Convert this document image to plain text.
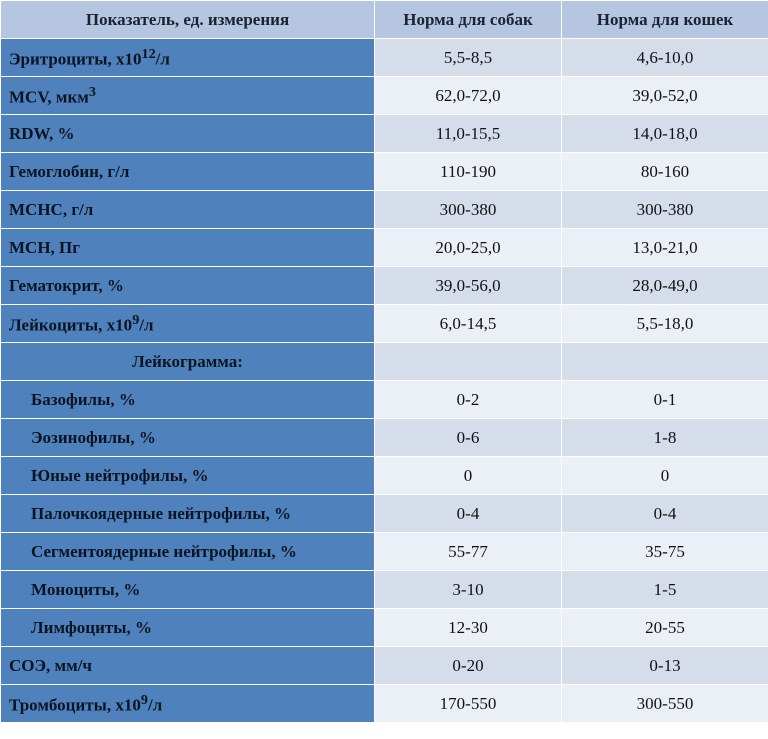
Показатель, ед. измерения	Норма для собак	Норма для кошек
Эритроциты, $x10^{12}/л$	5,5-8,5	4,6-10,0
MCV, мкм$^3$	62,0-72,0	39,0-52,0
RDW, %	11,0-15,5	14,0-18,0
Гемоглобин, г/л	110-190	80-160
MCHC, г/л	300-380	300-380
MCH, Пг	20,0-25,0	13,0-21,0
Гематокрит, %	39,0-56,0	28,0-49,0
Лейкоциты, $x10^9/л$	6,0-14,5	5,5-18,0
Лейкограмма:		
Базофилы, %	0-2	0-1
Эозинофилы, %	0-6	1-8
Юные нейтрофилы, %	0	0
Палочкоядерные нейтрофилы, %	0-4	0-4
Сегментоядерные нейтрофилы, %	55-77	35-75
Моноциты, %	3-10	1-5
Лимфоциты, %	12-30	20-55
СОЭ, мм/ч	0-20	0-13
Тромбоциты, $x10^9/л$	170-550	300-550
